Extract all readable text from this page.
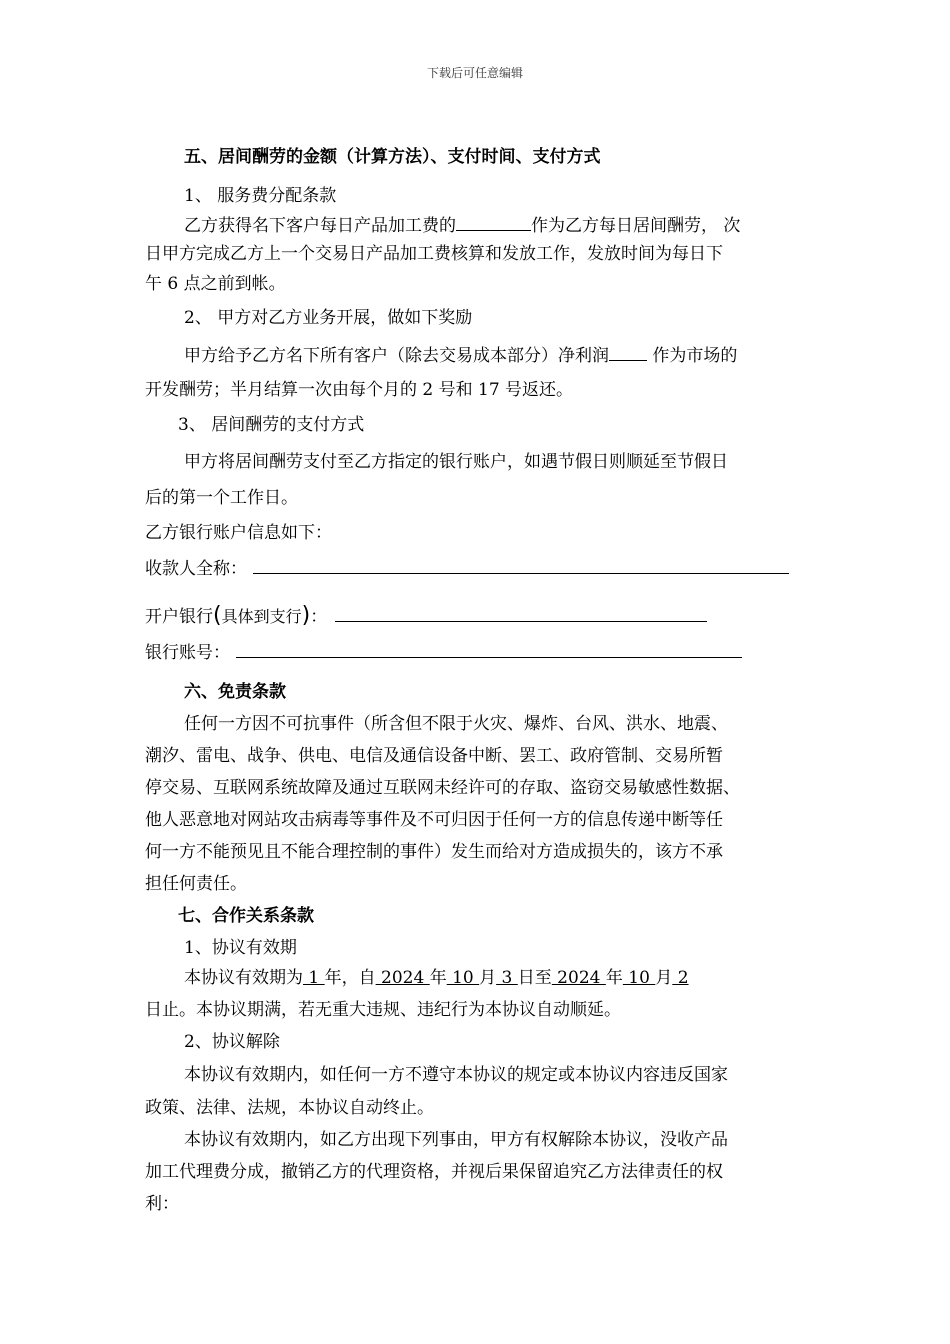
下载后可任意编辑
五、居间酬劳的金额（计算方法）、支付时间、支付方式
1、 服务费分配条款
乙方获得名下客户每日产品加工费的	作为乙方每日居间酬劳， 次
日甲方完成乙方上一个交易日产品加工费核算和发放工作，发放时间为每日下
午 6 点之前到帐。
2、 甲方对乙方业务开展，做如下奖励
甲方给予乙方名下所有客户（除去交易成本部分）净利润 作为市场的
开发酬劳；半月结算一次由每个月的 2 号和 17 号返还。
3、 居间酬劳的支付方式
甲方将居间酬劳支付至乙方指定的银行账户，如遇节假日则顺延至节假日
后的第一个工作日。
乙方银行账户信息如下：
收款人全称：
开户银行(具体到支行)：
银行账号：
六、免责条款
任何一方因不可抗事件（所含但不限于火灾、爆炸、台风、洪水、地震、
潮汐、雷电、战争、供电、电信及通信设备中断、罢工、政府管制、交易所暂
停交易、互联网系统故障及通过互联网未经许可的存取、盗窃交易敏感性数据、
他人恶意地对网站攻击病毒等事件及不可归因于任何一方的信息传递中断等任
何一方不能预见且不能合理控制的事件）发生而给对方造成损失的，该方不承
担任何责任。
七、合作关系条款
1、协议有效期
本协议有效期为 1 年，自 2024 年 10 月 3 日至 2024 年 10 月 2
日止。本协议期满，若无重大违规、违纪行为本协议自动顺延。
2、协议解除
本协议有效期内，如任何一方不遵守本协议的规定或本协议内容违反国家
政策、法律、法规，本协议自动终止。
本协议有效期内，如乙方出现下列事由，甲方有权解除本协议，没收产品
加工代理费分成，撤销乙方的代理资格，并视后果保留追究乙方法律责任的权
利：
